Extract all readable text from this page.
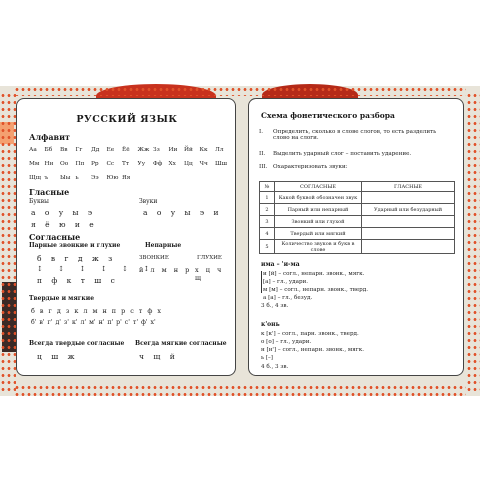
РУССКИЙ ЯЗЫК
Алфавит
Аа	Бб	Вв	Гг	Дд	Ее	Ёё	Жж Зз	Ии	Йй	Кк	Лл
Мм Нн	Оо	Пп	Рр	Сс	Тт	Уу	Фф	Хх	Цц	Чч	Шш
Щщ ъ	Ыы ь	Ээ	Юю Яя
Гласные
Буквы	Звуки
а о у ы э
я ё ю и е
а о у ы э и
Согласные
Парные звонкие и глухие	Непарные
б в г д ж з
↕ ↕ ↕ ↕ ↕ ↕
п ф к т ш с
ЗВОНКИЕ	ГЛУХИЕ
й л м н р х ц ч щ
Твердые и мягкие
б в г д з к л м н п р с т ф х
б' в' г' д' з' к' л' м' н' п' р' с' т' ф' х'
Всегда твердые согласные Всегда мягкие согласные
ц ш ж	ч щ й
Схема фонетического разбора
I.	Определить, сколько в слове слогов, то есть разделить слово на слоги.
II.	Выделить ударный слог – поставить ударение.
III. Охарактеризовать звуки:
№	СОГЛАСНЫЕ	ГЛАСНЫЕ
1	Какой буквой обозначен звук	
2	Парный или непарный	Ударный или безударный
3	Звонкий или глухой	
4	Твердый или мягкий	
5	Количество звуков и букв в слове	
има – 'и-ма
и [й] – согл., непарн. звонк., мягк.
[а] – гл., удари.
м [м] – согл., непарн. звонк., тверд.
а [а] – гл., безуд.
3 б., 4 зв.
к'онь
к [к'] – согл., парн. звонк., тверд.
о [о] – гл., удари.
н [н'] – согл., непарн. звонк., мягк.
ь [–]
4 б., 3 зв.
